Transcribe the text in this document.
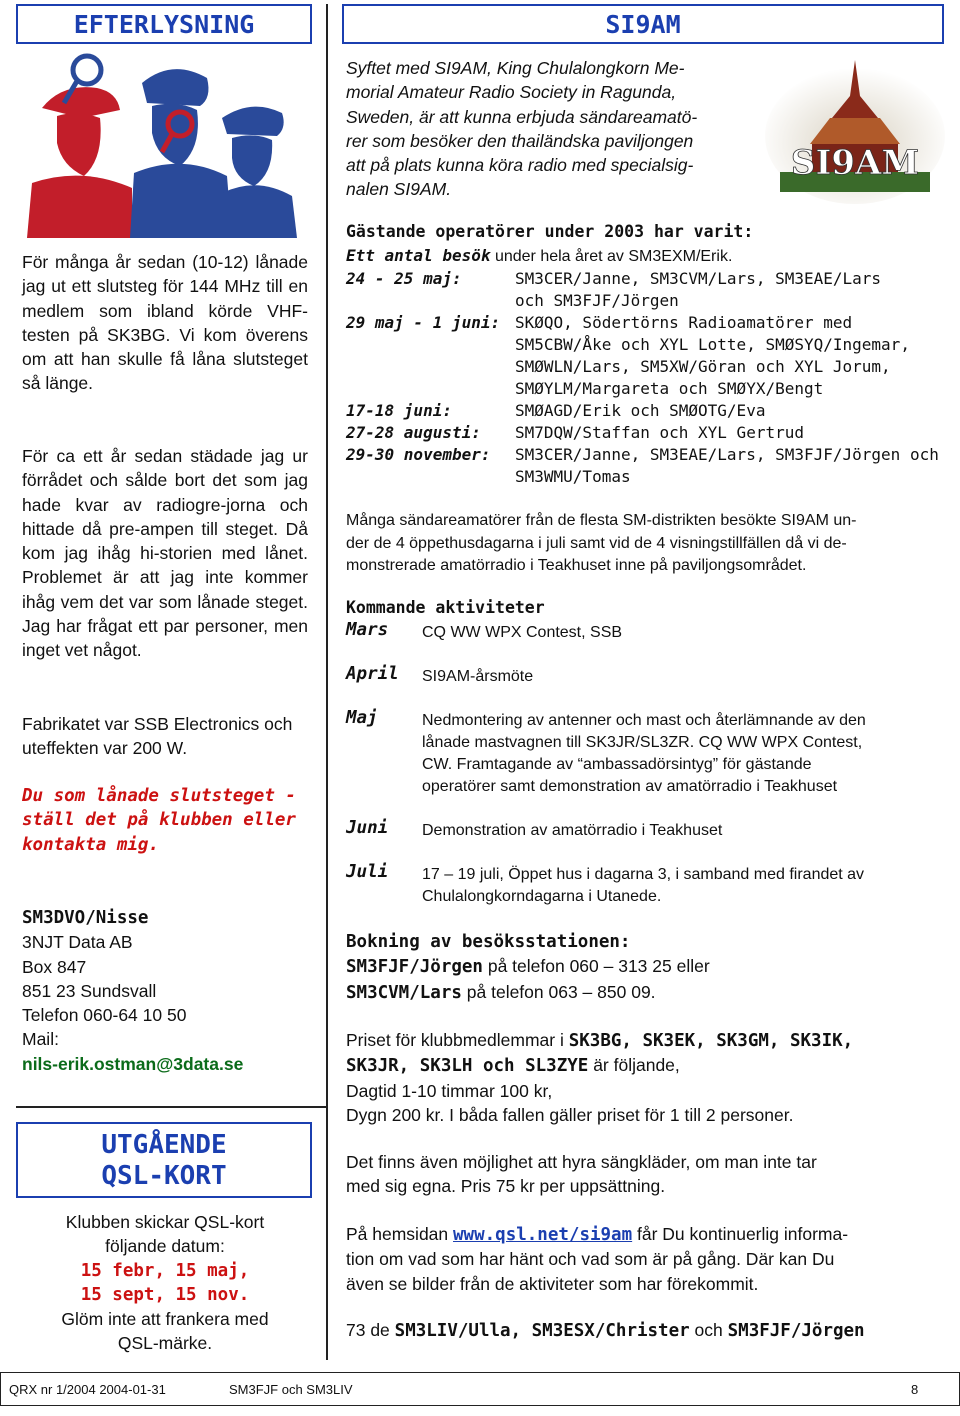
EFTERLYSNING	SI9AM
För många år sedan (10-12) lånade jag ut ett slutsteg för 144 MHz till en medlem som ibland körde VHF-testen på SK3BG. Vi kom överens om att han skulle få låna slutsteget så länge.
För ca ett år sedan städade jag ur förrådet och sålde bort det som jag hade kvar av radiogre-jorna och hittade då pre-ampen till steget. Då kom jag ihåg hi-storien med lånet. Problemet är att jag inte kommer ihåg vem det var som lånade steget. Jag har frågat ett par personer, men inget vet något.
Fabrikatet var SSB Electronics och uteffekten var 200 W.
Du som lånade slutsteget - ställ det på klubben eller kontakta mig.
SM3DVO/Nisse
3NJT Data AB
Box 847
851 23 Sundsvall
Telefon 060-64 10 50
Mail:
nils-erik.ostman@3data.se
UTGÅENDE
QSL-KORT
Klubben skickar QSL-kort
följande datum:
15 febr, 15 maj,
15 sept, 15 nov.
Glöm inte att frankera med
QSL-märke.
Syftet med SI9AM, King Chulalongkorn Me-
morial Amateur Radio Society in Ragunda,
Sweden, är att kunna erbjuda sändareamatö-
rer som besöker den thailändska paviljongen
att på plats kunna köra radio med specialsig-
nalen SI9AM.
SI9AM
Gästande operatörer under 2003 har varit:
Ett antal besök under hela året av SM3EXM/Erik.
24 - 25 maj:	SM3CER/Janne, SM3CVM/Lars, SM3EAE/Lars
och SM3FJF/Jörgen
29 maj - 1 juni: SKØQO, Södertörns Radioamatörer med
SM5CBW/Åke och XYL Lotte, SMØSYQ/Ingemar,
SMØWLN/Lars, SM5XW/Göran och XYL Jorum,
SMØYLM/Margareta och SMØYX/Bengt
17-18 juni:	SMØAGD/Erik och SMØOTG/Eva
27-28 augusti: SM7DQW/Staffan och XYL Gertrud
29-30 november: SM3CER/Janne, SM3EAE/Lars, SM3FJF/Jörgen och
SM3WMU/Tomas
Många sändareamatörer från de flesta SM-distrikten besökte SI9AM un-
der de 4 öppethusdagarna i juli samt vid de 4 visningstillfällen då vi de-
monstrerade amatörradio i Teakhuset inne på paviljongsområdet.
Kommande aktiviteter
Mars CQ WW WPX Contest, SSB
April SI9AM-årsmöte
Maj	Nedmontering av antenner och mast och återlämnande av den
lånade mastvagnen till SK3JR/SL3ZR. CQ WW WPX Contest,
CW. Framtagande av “ambassadörsintyg” för gästande
operatörer samt demonstration av amatörradio i Teakhuset
Juni Demonstration av amatörradio i Teakhuset
Juli 17 – 19 juli, Öppet hus i dagarna 3, i samband med firandet av
Chulalongkorndagarna i Utanede.
Bokning av besöksstationen:
SM3FJF/Jörgen på telefon 060 – 313 25 eller
SM3CVM/Lars på telefon 063 – 850 09.
Priset för klubbmedlemmar i SK3BG, SK3EK, SK3GM, SK3IK,
SK3JR, SK3LH och SL3ZYE är följande,
Dagtid 1-10 timmar 100 kr,
Dygn 200 kr. I båda fallen gäller priset för 1 till 2 personer.
Det finns även möjlighet att hyra sängkläder, om man inte tar
med sig egna. Pris 75 kr per uppsättning.
På hemsidan www.qsl.net/si9am får Du kontinuerlig informa-
tion om vad som har hänt och vad som är på gång. Där kan Du
även se bilder från de aktiviteter som har förekommit.
73 de SM3LIV/Ulla, SM3ESX/Christer och SM3FJF/Jörgen
QRX nr 1/2004 2004-01-31	SM3FJF och SM3LIV	8
